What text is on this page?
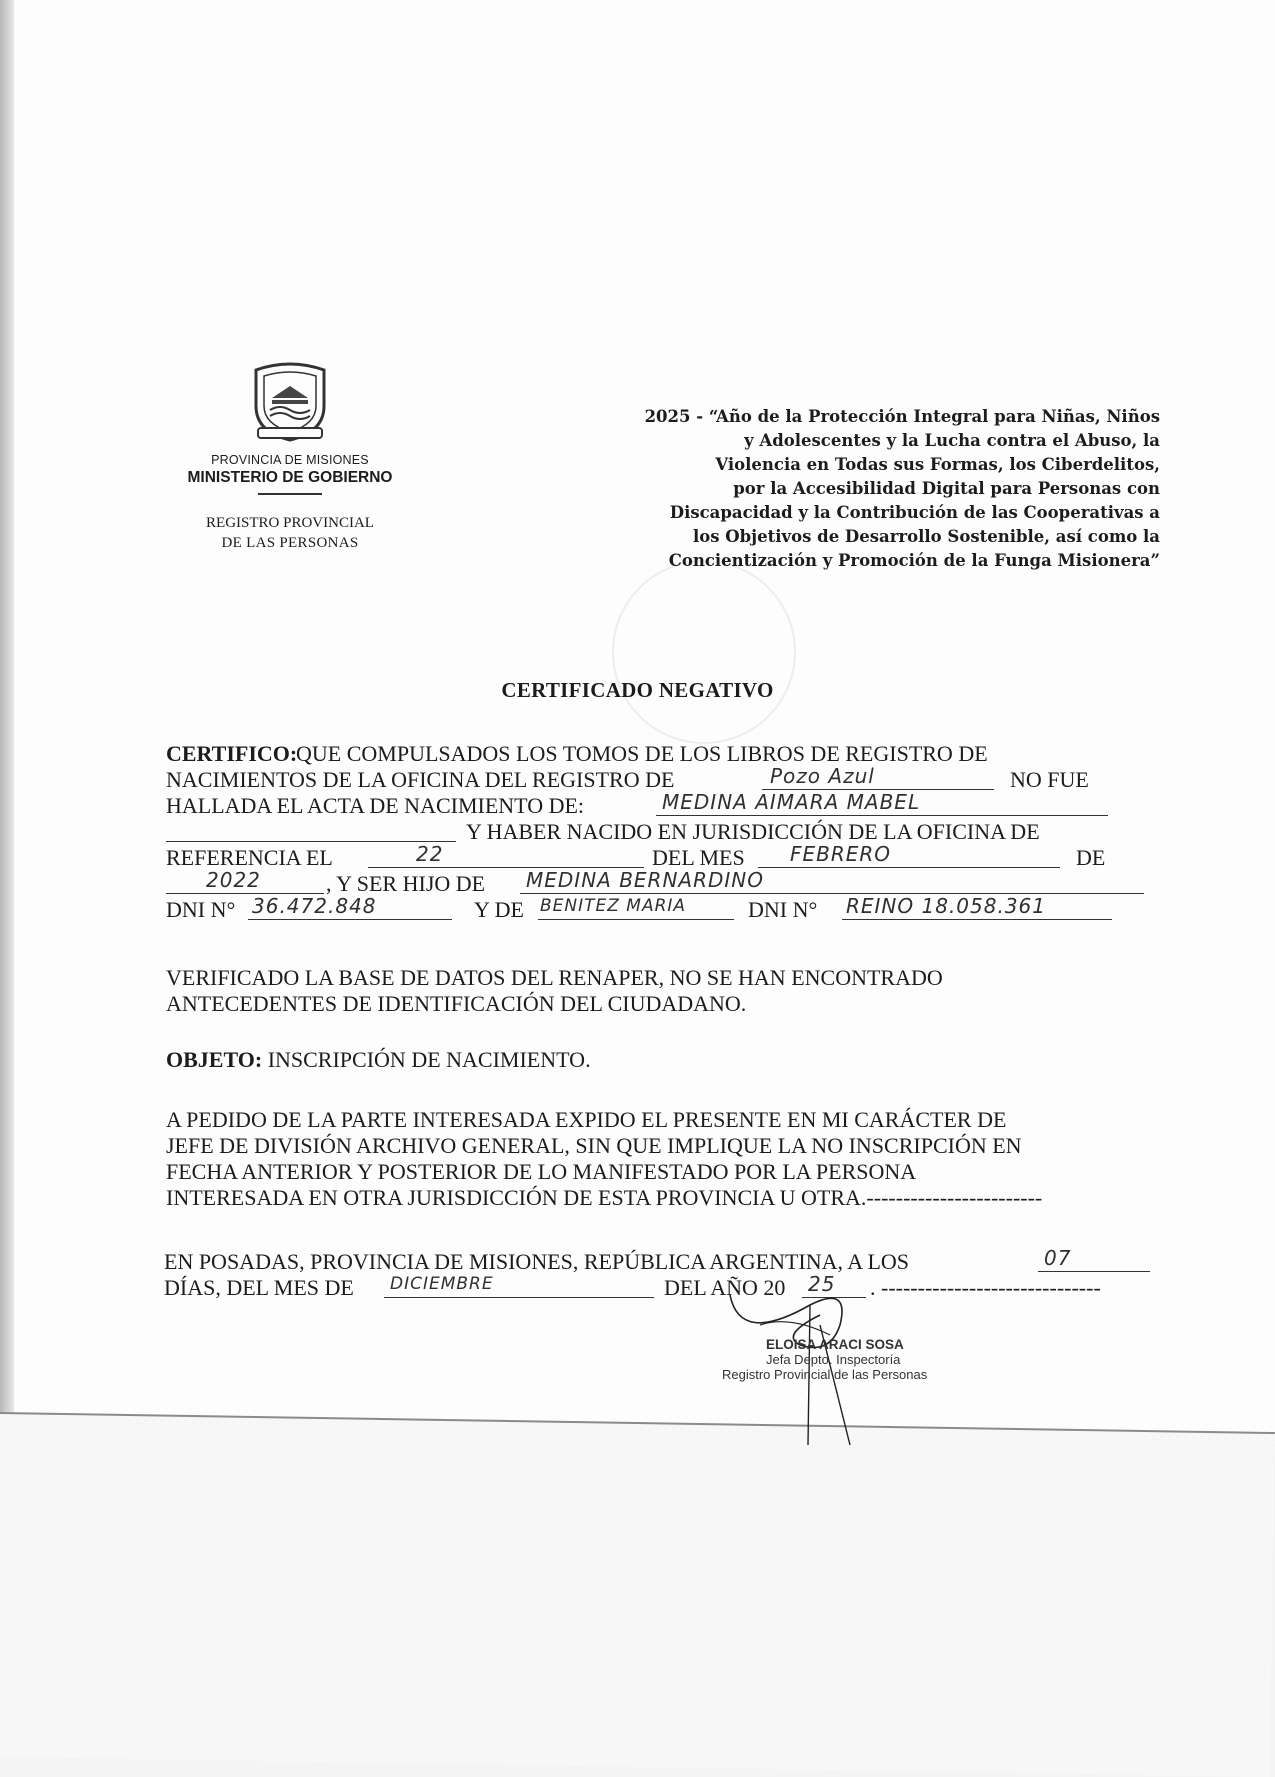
PROVINCIA DE MISIONES
MINISTERIO DE GOBIERNO
REGISTRO PROVINCIAL
DE LAS PERSONAS
2025 - “Año de la Protección Integral para Niñas, Niños
y Adolescentes y la Lucha contra el Abuso, la
Violencia en Todas sus Formas, los Ciberdelitos,
por la Accesibilidad Digital para Personas con
Discapacidad y la Contribución de las Cooperativas a
los Objetivos de Desarrollo Sostenible, así como la
Concientización y Promoción de la Funga Misionera”
CERTIFICADO NEGATIVO
CERTIFICO:
QUE COMPULSADOS LOS TOMOS DE LOS LIBROS DE REGISTRO DE
NACIMIENTOS DE LA OFICINA DEL REGISTRO DE	Pozo Azul	NO FUE
HALLADA EL ACTA DE NACIMIENTO DE:	MEDINA AIMARA MABEL
Y HABER NACIDO EN JURISDICCIÓN DE LA OFICINA DE
REFERENCIA EL	22	DEL MES FEBRERO	DE
2022	, Y SER HIJO DE MEDINA BERNARDINO
DNI N° 36.472.848	Y DE BENITEZ MARIA	DNI N° REINO 18.058.361
VERIFICADO LA BASE DE DATOS DEL RENAPER, NO SE HAN ENCONTRADO
ANTECEDENTES DE IDENTIFICACIÓN DEL CIUDADANO.
OBJETO: INSCRIPCIÓN DE NACIMIENTO.
A PEDIDO DE LA PARTE INTERESADA EXPIDO EL PRESENTE EN MI CARÁCTER DE
JEFE DE DIVISIÓN ARCHIVO GENERAL, SIN QUE IMPLIQUE LA NO INSCRIPCIÓN EN
FECHA ANTERIOR Y POSTERIOR DE LO MANIFESTADO POR LA PERSONA
INTERESADA EN OTRA JURISDICCIÓN DE ESTA PROVINCIA U OTRA.------------------------
EN POSADAS, PROVINCIA DE MISIONES, REPÚBLICA ARGENTINA, A LOS	07
DÍAS, DEL MES DE DICIEMBRE	DEL AÑO 20 25 . ------------------------------
ELOISA ARACI SOSA
Jefa Depto. Inspectoría
Registro Provincial de las Personas
